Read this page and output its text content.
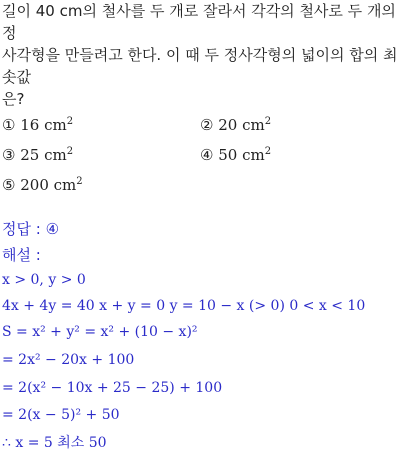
길이 40 cm의 철사를 두 개로 잘라서 각각의 철사로 두 개의 정
사각형을 만들려고 한다. 이 때 두 정사각형의 넓이의 합의 최솟값
은?
① 16 $cm^2$	② 20 $cm^2$
③ 25 $cm^2$	④ 50 $cm^2$
⑤ 200 $cm^2$
정답 : ④
해설 :
x > 0, y > 0
4x + 4y = 40 x + y = 0 y = 10 − x (> 0) 0 < x < 10
S = x² + y² = x² + (10 − x)²
= 2x² − 20x + 100
= 2(x² − 10x + 25 − 25) + 100
= 2(x − 5)² + 50
∴ x = 5 최소 50
